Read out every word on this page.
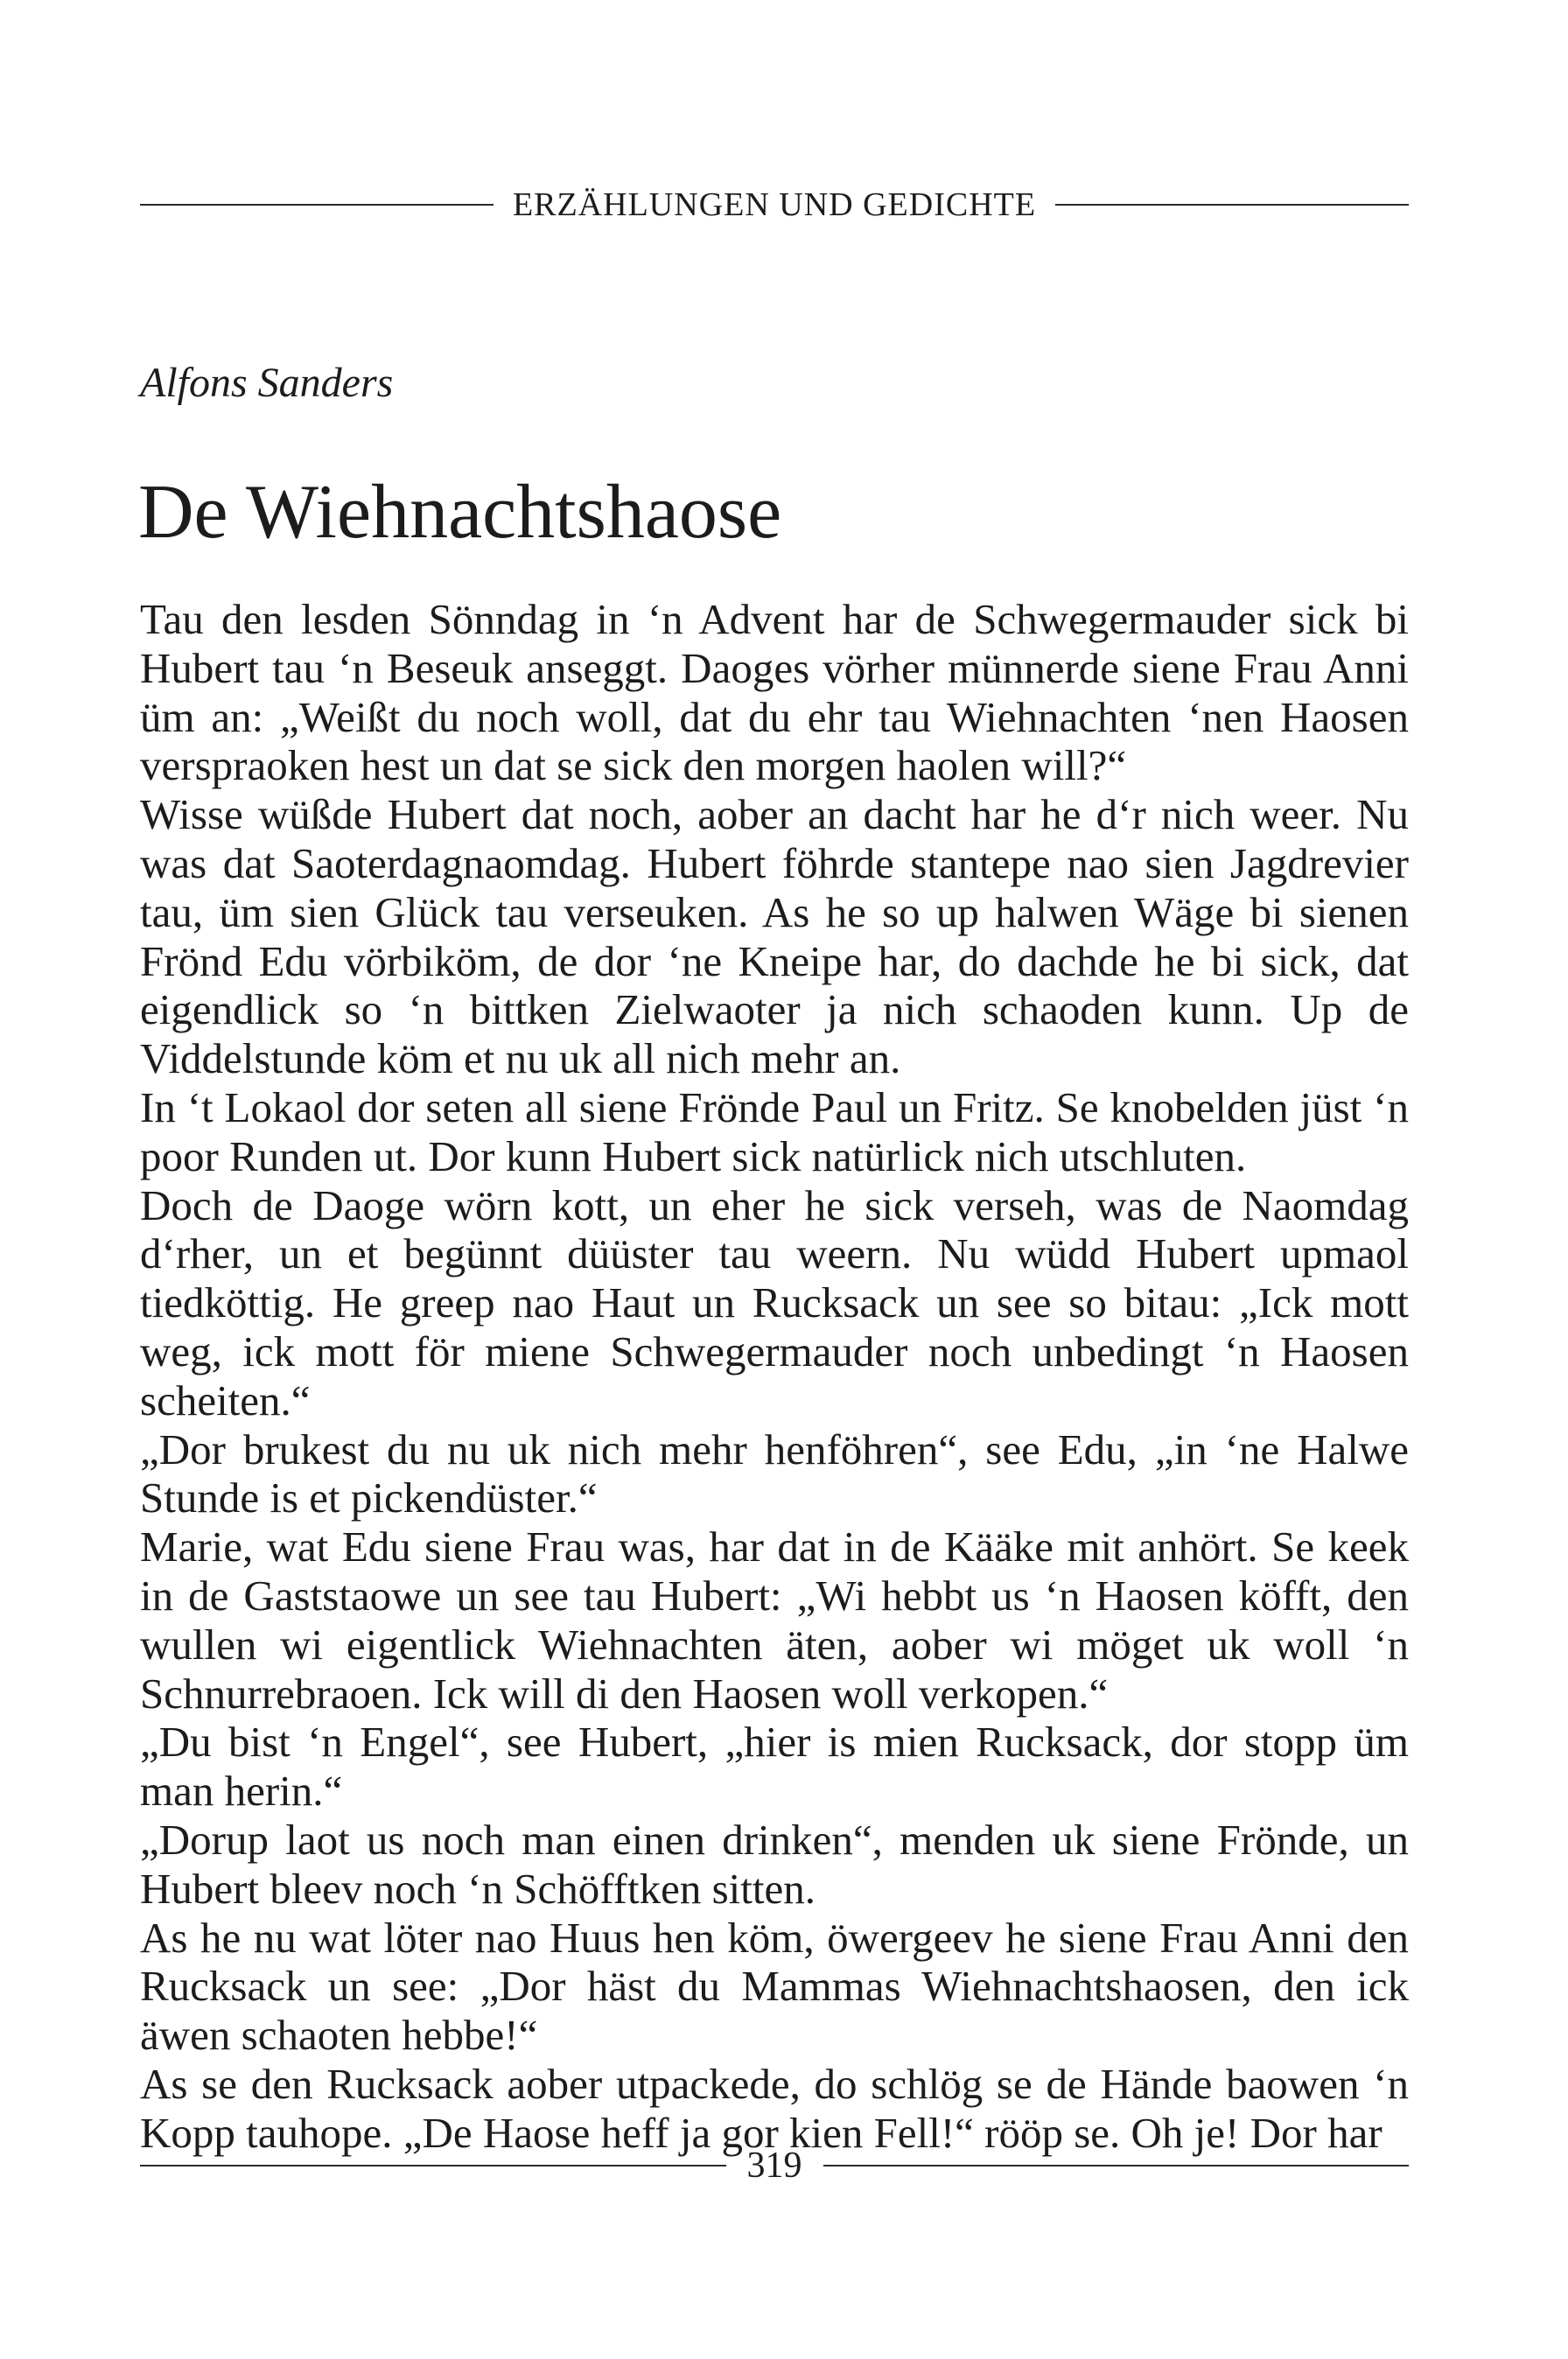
ERZÄHLUNGEN UND GEDICHTE
Alfons Sanders
De Wiehnachtshaose

Tau den lesden Sönndag in ‘n Advent har de Schwegermauder sick bi Hubert tau ‘n Beseuk anseggt. Daoges vörher münnerde siene Frau Anni üm an: „Weißt du noch woll, dat du ehr tau Wiehnachten ‘nen Haosen verspraoken hest un dat se sick den morgen haolen will?“

Wisse wüßde Hubert dat noch, aober an dacht har he d‘r nich weer. Nu was dat Saoterdagnaomdag. Hubert föhrde stantepe nao sien Jagdrevier tau, üm sien Glück tau verseuken. As he so up halwen Wäge bi sienen Frönd Edu vörbiköm, de dor ‘ne Kneipe har, do dachde he bi sick, dat eigendlick so ‘n bittken Zielwaoter ja nich schaoden kunn. Up de Viddelstunde köm et nu uk all nich mehr an.

In ‘t Lokaol dor seten all siene Frönde Paul un Fritz. Se knobelden jüst ‘n poor Runden ut. Dor kunn Hubert sick natürlick nich utschluten.

Doch de Daoge wörn kott, un eher he sick verseh, was de Naomdag d‘rher, un et begünnt düüster tau weern. Nu wüdd Hubert upmaol tiedköttig. He greep nao Haut un Rucksack un see so bitau: „Ick mott weg, ick mott för miene Schwegermauder noch unbedingt ‘n Haosen scheiten.“

„Dor brukest du nu uk nich mehr henföhren“, see Edu, „in ‘ne Halwe Stunde is et pickendüster.“

Marie, wat Edu siene Frau was, har dat in de Kääke mit anhört. Se keek in de Gaststaowe un see tau Hubert: „Wi hebbt us ‘n Haosen köfft, den wullen wi eigentlick Wiehnachten äten, aober wi möget uk woll ‘n Schnurrebraoen. Ick will di den Haosen woll verkopen.“

„Du bist ‘n Engel“, see Hubert, „hier is mien Rucksack, dor stopp üm man herin.“

„Dorup laot us noch man einen drinken“, menden uk siene Frönde, un Hubert bleev noch ‘n Schöfftken sitten.

As he nu wat löter nao Huus hen köm, öwergeev he siene Frau Anni den Rucksack un see: „Dor häst du Mammas Wiehnachtshaosen, den ick äwen schaoten hebbe!“

As se den Rucksack aober utpackede, do schlög se de Hände baowen ‘n Kopp tauhope. „De Haose heff ja gor kien Fell!“ rööp se. Oh je! Dor har

319
